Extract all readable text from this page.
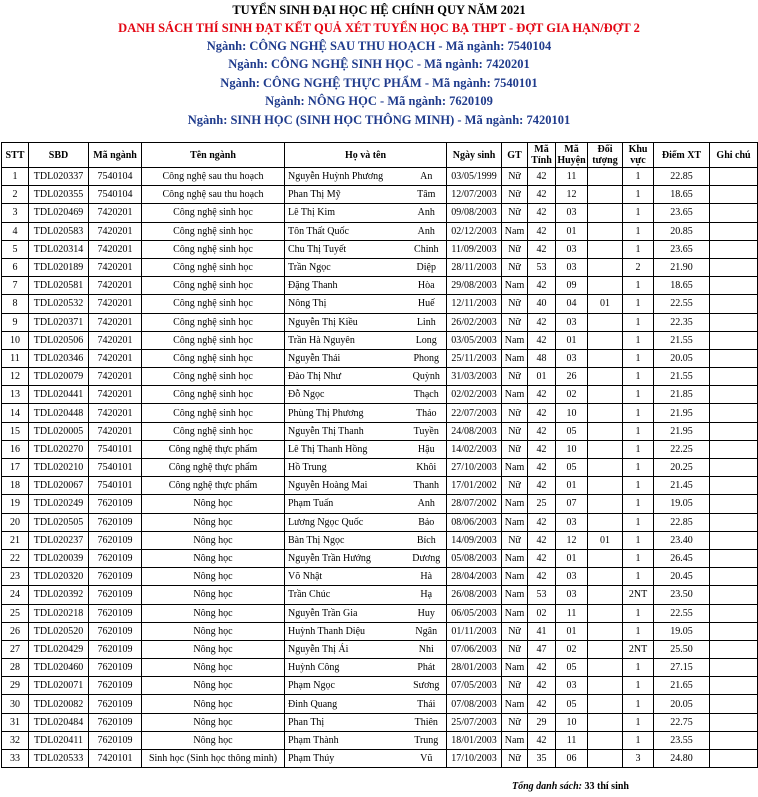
TUYỂN SINH ĐẠI HỌC HỆ CHÍNH QUY NĂM 2021
DANH SÁCH THÍ SINH ĐẠT KẾT QUẢ XÉT TUYỂN HỌC BẠ THPT - ĐỢT GIA HẠN/ĐỢT 2
Ngành: CÔNG NGHỆ SAU THU HOẠCH - Mã ngành: 7540104
Ngành: CÔNG NGHỆ SINH HỌC - Mã ngành: 7420201
Ngành: CÔNG NGHỆ THỰC PHẨM - Mã ngành: 7540101
Ngành: NÔNG HỌC - Mã ngành: 7620109
Ngành: SINH HỌC (SINH HỌC THÔNG MINH) - Mã ngành: 7420101
STT	SBD	Mã ngành	Tên ngành	Họ và tên		Ngày sinh	GT	Mã Tỉnh	Mã Huyện	Đối tượng	Khu vực	Điểm XT	Ghi chú
1	TDL020337	7540104	Công nghệ sau thu hoạch	Nguyễn Huỳnh Phương	An	03/05/1999	Nữ	42	11		1	22.85	
2	TDL020355	7540104	Công nghệ sau thu hoạch	Phan Thị Mỹ	Tâm	12/07/2003	Nữ	42	12		1	18.65	
3	TDL020469	7420201	Công nghệ sinh học	Lê Thị Kim	Anh	09/08/2003	Nữ	42	03		1	23.65	
4	TDL020583	7420201	Công nghệ sinh học	Tôn Thất Quốc	Anh	02/12/2003	Nam	42	01		1	20.85	
5	TDL020314	7420201	Công nghệ sinh học	Chu Thị Tuyết	Chinh	11/09/2003	Nữ	42	03		1	23.65	
6	TDL020189	7420201	Công nghệ sinh học	Trần Ngọc	Diệp	28/11/2003	Nữ	53	03		2	21.90	
7	TDL020581	7420201	Công nghệ sinh học	Đặng Thanh	Hòa	29/08/2003	Nam	42	09		1	18.65	
8	TDL020532	7420201	Công nghệ sinh học	Nông Thị	Huế	12/11/2003	Nữ	40	04	01	1	22.55	
9	TDL020371	7420201	Công nghệ sinh học	Nguyễn Thị Kiều	Linh	26/02/2003	Nữ	42	03		1	22.35	
10	TDL020506	7420201	Công nghệ sinh học	Trần Hà Nguyên	Long	03/05/2003	Nam	42	01		1	21.55	
11	TDL020346	7420201	Công nghệ sinh học	Nguyễn Thái	Phong	25/11/2003	Nam	48	03		1	20.05	
12	TDL020079	7420201	Công nghệ sinh học	Đào Thị Như	Quỳnh	31/03/2003	Nữ	01	26		1	21.55	
13	TDL020441	7420201	Công nghệ sinh học	Đỗ Ngọc	Thạch	02/02/2003	Nam	42	02		1	21.85	
14	TDL020448	7420201	Công nghệ sinh học	Phùng Thị Phương	Thảo	22/07/2003	Nữ	42	10		1	21.95	
15	TDL020005	7420201	Công nghệ sinh học	Nguyễn Thị Thanh	Tuyền	24/08/2003	Nữ	42	05		1	21.95	
16	TDL020270	7540101	Công nghệ thực phẩm	Lê Thị Thanh Hồng	Hậu	14/02/2003	Nữ	42	10		1	22.25	
17	TDL020210	7540101	Công nghệ thực phẩm	Hồ Trung	Khôi	27/10/2003	Nam	42	05		1	20.25	
18	TDL020067	7540101	Công nghệ thực phẩm	Nguyễn Hoàng Mai	Thanh	17/01/2002	Nữ	42	01		1	21.45	
19	TDL020249	7620109	Nông học	Phạm Tuấn	Anh	28/07/2002	Nam	25	07		1	19.05	
20	TDL020505	7620109	Nông học	Lương Ngọc Quốc	Bảo	08/06/2003	Nam	42	03		1	22.85	
21	TDL020237	7620109	Nông học	Bàn Thị Ngọc	Bích	14/09/2003	Nữ	42	12	01	1	23.40	
22	TDL020039	7620109	Nông học	Nguyễn Trần Hướng	Dương	05/08/2003	Nam	42	01		1	26.45	
23	TDL020320	7620109	Nông học	Võ Nhật	Hà	28/04/2003	Nam	42	03		1	20.45	
24	TDL020392	7620109	Nông học	Trần Chúc	Hạ	26/08/2003	Nam	53	03		2NT	23.50	
25	TDL020218	7620109	Nông học	Nguyễn Trần Gia	Huy	06/05/2003	Nam	02	11		1	22.55	
26	TDL020520	7620109	Nông học	Huỳnh Thanh Diệu	Ngân	01/11/2003	Nữ	41	01		1	19.05	
27	TDL020429	7620109	Nông học	Nguyễn Thị Ái	Nhi	07/06/2003	Nữ	47	02		2NT	25.50	
28	TDL020460	7620109	Nông học	Huỳnh Công	Phát	28/01/2003	Nam	42	05		1	27.15	
29	TDL020071	7620109	Nông học	Phạm Ngọc	Sương	07/05/2003	Nữ	42	03		1	21.65	
30	TDL020082	7620109	Nông học	Đinh Quang	Thái	07/08/2003	Nam	42	05		1	20.05	
31	TDL020484	7620109	Nông học	Phan Thị	Thiên	25/07/2003	Nữ	29	10		1	22.75	
32	TDL020411	7620109	Nông học	Phạm Thành	Trung	18/01/2003	Nam	42	11		1	23.55	
33	TDL020533	7420101	Sinh học (Sinh học thông minh)	Phạm Thúy	Vũ	17/10/2003	Nữ	35	06		3	24.80	
Tổng danh sách: 33 thí sinh
